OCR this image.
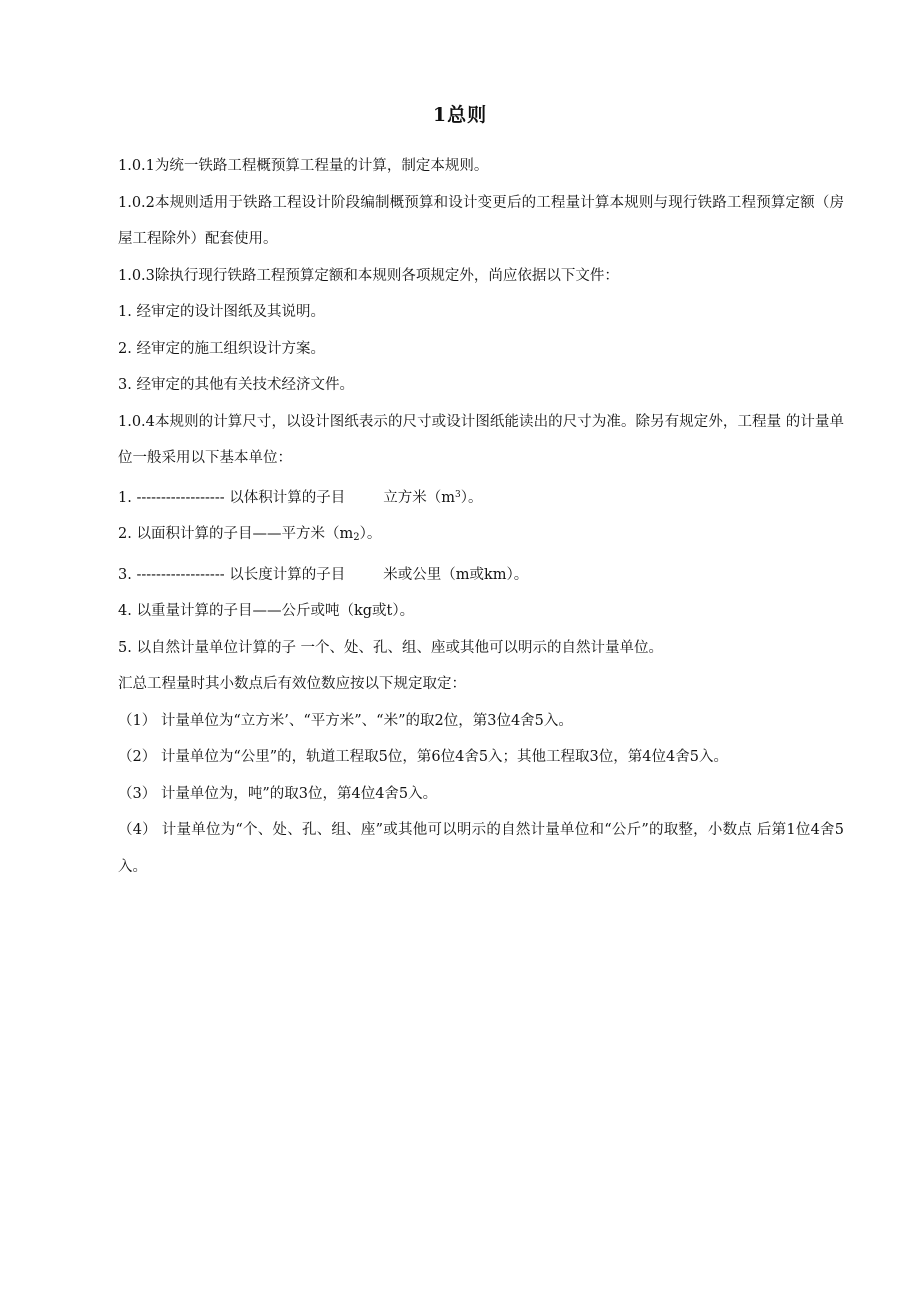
1总则

1.0.1为统一铁路工程概预算工程量的计算，制定本规则。

1.0.2本规则适用于铁路工程设计阶段编制概预算和设计变更后的工程量计算本规则与现行铁路工程预算定额（房屋工程除外）配套使用。

1.0.3除执行现行铁路工程预算定额和本规则各项规定外，尚应依据以下文件：

1. 经审定的设计图纸及其说明。

2. 经审定的施工组织设计方案。

3. 经审定的其他有关技术经济文件。

1.0.4本规则的计算尺寸，以设计图纸表示的尺寸或设计图纸能读出的尺寸为准。除另有规定外，工程量 的计量单位一般采用以下基本单位：

1. ------------------ 以体积计算的子目	立方米$(m^3)$。

2. 以面积计算的子目——平方米$(m_2)$。

3. ------------------ 以长度计算的子目	米或公里（m或km）。

4. 以重量计算的子目——公斤或吨（kg或t）。

5. 以自然计量单位计算的子 一个、处、孔、组、座或其他可以明示的自然计量单位。

汇总工程量时其小数点后有效位数应按以下规定取定：

（1） 计量单位为“立方米’、“平方米”、“米”的取2位，第3位4舍5入。

（2） 计量单位为“公里”的，轨道工程取5位，第6位4舍5入；其他工程取3位，第4位4舍5入。

（3） 计量单位为，吨”的取3位，第4位4舍5入。

（4） 计量单位为“个、处、孔、组、座”或其他可以明示的自然计量单位和“公斤”的取整，小数点 后第1位4舍5入。
